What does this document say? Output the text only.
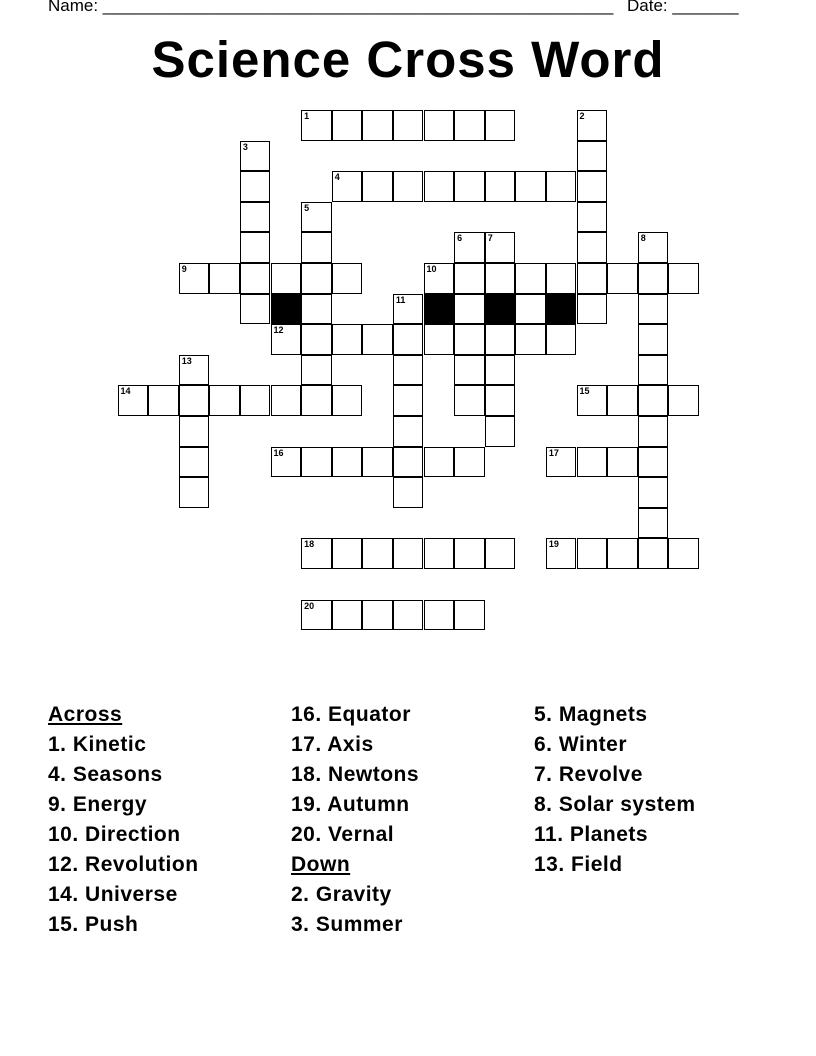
Name: ______________________________________________________ Date: _______
Science Cross Word
1	2
3
4
5
6	7	8
9	10
11
12
13
14	15
16	17
18	19
20
Across
1. Kinetic
4. Seasons
9. Energy
10. Direction
12. Revolution
14. Universe
15. Push
16. Equator
17. Axis
18. Newtons
19. Autumn
20. Vernal
Down
2. Gravity
3. Summer
5. Magnets
6. Winter
7. Revolve
8. Solar system
11. Planets
13. Field
